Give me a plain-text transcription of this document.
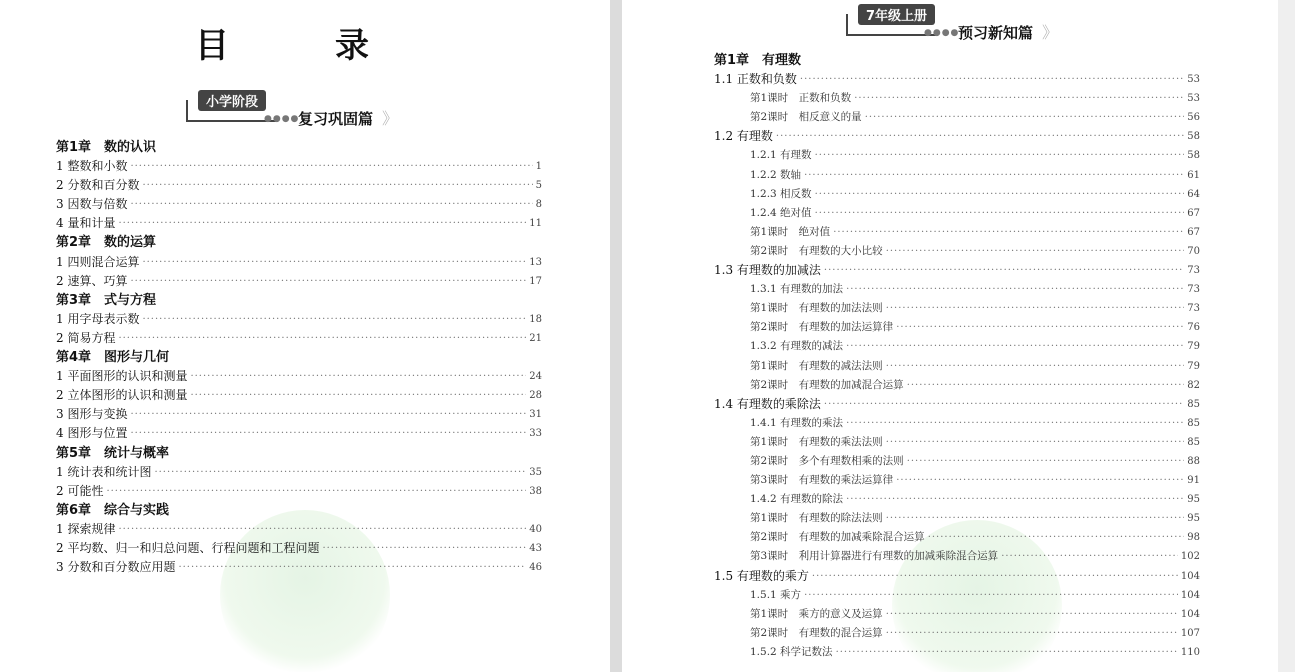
目　录
小学阶段
●●●●
复习巩固篇 》
第1章　数的认识
1 整数和小数 ·····	1
2 分数和百分数 ·····	5
3 因数与倍数 ·····	8
4 量和计量 ·····	11
第2章　数的运算
1 四则混合运算 ·····	13
2 速算、巧算 ·····	17
第3章　式与方程
1 用字母表示数 ·····	18
2 简易方程 ·····	21
第4章　图形与几何
1 平面图形的认识和测量 ·····	24
2 立体图形的认识和测量 ·····	28
3 图形与变换 ·····	31
4 图形与位置 ·····	33
第5章　统计与概率
1 统计表和统计图 ·····	35
2 可能性 ·····	38
第6章　综合与实践
1 探索规律 ·····	40
2 平均数、归一和归总问题、行程问题和工程问题 ·····	43
3 分数和百分数应用题 ·····	46
7年级上册
●●●●
预习新知篇 》
第1章　有理数
1.1 正数和负数 ·····	53
第1课时　正数和负数 ·····	53
第2课时　相反意义的量 ·····	56
1.2 有理数 ·····	58
1.2.1 有理数 ·····	58
1.2.2 数轴 ·····	61
1.2.3 相反数 ·····	64
1.2.4 绝对值 ·····	67
第1课时　绝对值 ·····	67
第2课时　有理数的大小比较 ·····	70
1.3 有理数的加减法 ·····	73
1.3.1 有理数的加法 ·····	73
第1课时　有理数的加法法则 ·····	73
第2课时　有理数的加法运算律 ·····	76
1.3.2 有理数的减法 ·····	79
第1课时　有理数的减法法则 ·····	79
第2课时　有理数的加减混合运算 ·····	82
1.4 有理数的乘除法 ·····	85
1.4.1 有理数的乘法 ·····	85
第1课时　有理数的乘法法则 ·····	85
第2课时　多个有理数相乘的法则 ·····	88
第3课时　有理数的乘法运算律 ·····	91
1.4.2 有理数的除法 ·····	95
第1课时　有理数的除法法则 ·····	95
第2课时　有理数的加减乘除混合运算 ·····	98
第3课时　利用计算器进行有理数的加减乘除混合运算 ·····	102
1.5 有理数的乘方 ·····	104
1.5.1 乘方 ·····	104
第1课时　乘方的意义及运算 ·····	104
第2课时　有理数的混合运算 ·····	107
1.5.2 科学记数法 ·····	110
